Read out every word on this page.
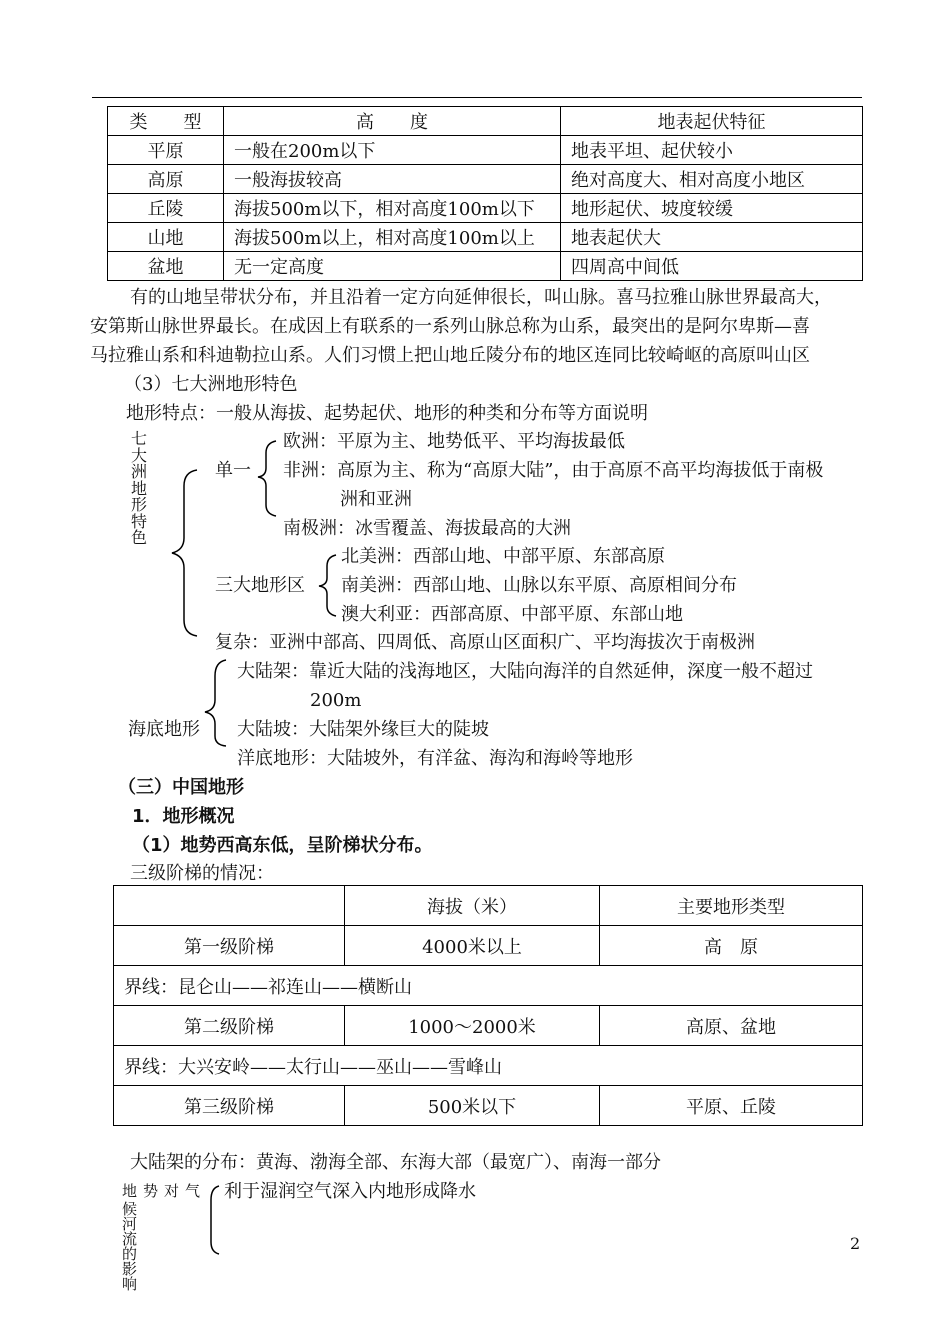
类　　型	高　　度	地表起伏特征
平原	一般在200m以下	地表平坦、起伏较小
高原	一般海拔较高	绝对高度大、相对高度小地区
丘陵	海拔500m以下，相对高度100m以下	地形起伏、坡度较缓
山地	海拔500m以上，相对高度100m以上	地表起伏大
盆地	无一定高度	四周高中间低
有的山地呈带状分布，并且沿着一定方向延伸很长，叫山脉。喜马拉雅山脉世界最高大，
安第斯山脉世界最长。在成因上有联系的一系列山脉总称为山系，最突出的是阿尔卑斯—喜
马拉雅山系和科迪勒拉山系。人们习惯上把山地丘陵分布的地区连同比较崎岖的高原叫山区
（3）七大洲地形特色
地形特点：一般从海拔、起势起伏、地形的种类和分布等方面说明
七大洲地形特色
单一
欧洲：平原为主、地势低平、平均海拔最低
非洲：高原为主、称为“高原大陆”，由于高原不高平均海拔低于南极
洲和亚洲
南极洲：冰雪覆盖、海拔最高的大洲
三大地形区
北美洲：西部山地、中部平原、东部高原
南美洲：西部山地、山脉以东平原、高原相间分布
澳大利亚：西部高原、中部平原、东部山地
复杂：亚洲中部高、四周低、高原山区面积广、平均海拔次于南极洲
大陆架：靠近大陆的浅海地区，大陆向海洋的自然延伸，深度一般不超过
200m
海底地形 大陆坡：大陆架外缘巨大的陡坡
洋底地形：大陆坡外，有洋盆、海沟和海岭等地形
（三）中国地形
1．地形概况
（1）地势西高东低，呈阶梯状分布。
三级阶梯的情况：
	海拔（米）	主要地形类型
第一级阶梯	4000米以上	高　原
界线：昆仑山——祁连山——横断山		
第二级阶梯	1000～2000米	高原、盆地
界线：大兴安岭——太行山——巫山——雪峰山		
第三级阶梯	500米以下	平原、丘陵
大陆架的分布：黄海、渤海全部、东海大部（最宽广）、南海一部分
地势对气
候河流的影响
利于湿润空气深入内地形成降水
2
